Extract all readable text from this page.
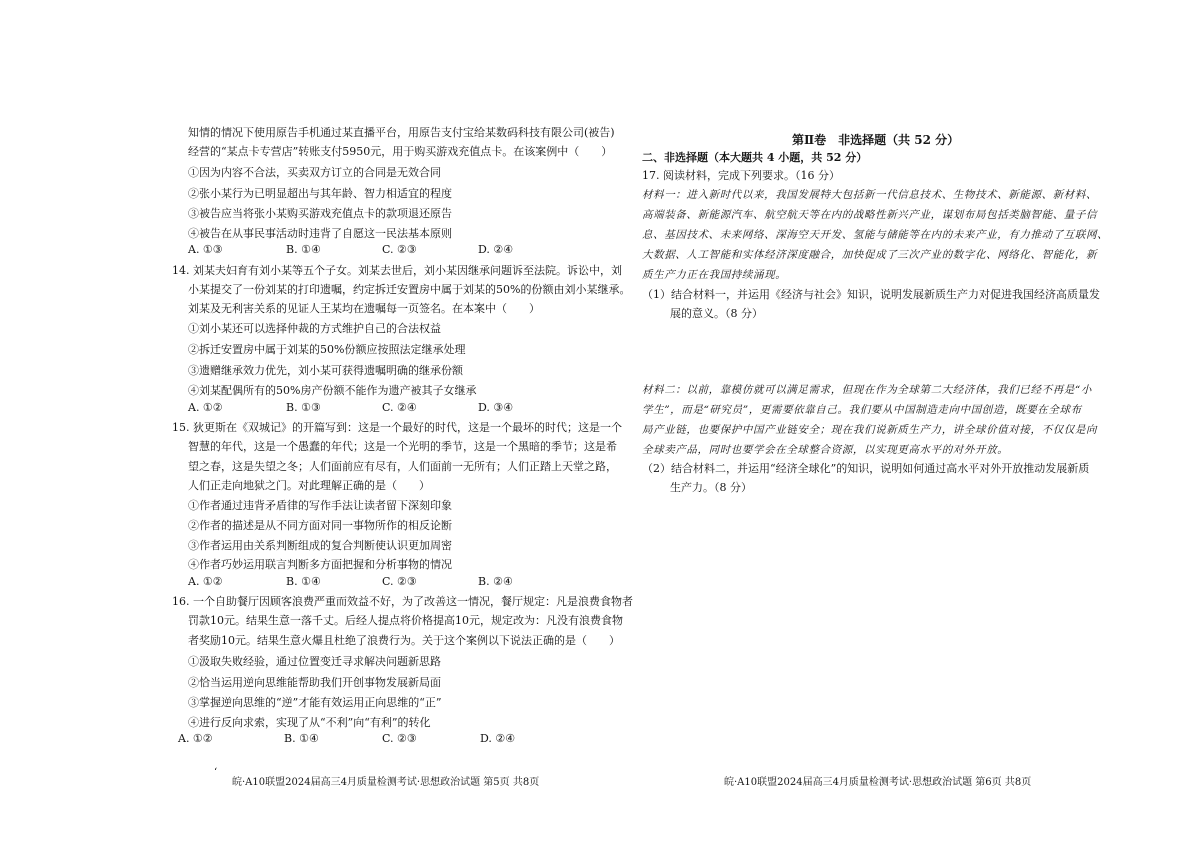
知情的情况下使用原告手机通过某直播平台，用原告支付宝给某数码科技有限公司(被告)
经营的“某点卡专营店”转账支付5950元，用于购买游戏充值点卡。在该案例中（　　）
①因为内容不合法，买卖双方订立的合同是无效合同
②张小某行为已明显超出与其年龄、智力相适宜的程度
③被告应当将张小某购买游戏充值点卡的款项退还原告
④被告在从事民事活动时违背了自愿这一民法基本原则
A. ①③	B. ①④	C. ②③	D. ②④
14. 刘某夫妇育有刘小某等五个子女。刘某去世后，刘小某因继承问题诉至法院。诉讼中，刘
小某提交了一份刘某的打印遗嘱，约定拆迁安置房中属于刘某的50%的份额由刘小某继承。
刘某及无利害关系的见证人王某均在遗嘱每一页签名。在本案中（　　）
①刘小某还可以选择仲裁的方式维护自己的合法权益
②拆迁安置房中属于刘某的50%份额应按照法定继承处理
③遗赠继承效力优先，刘小某可获得遗嘱明确的继承份额
④刘某配偶所有的50%房产份额不能作为遗产被其子女继承
A. ①②	B. ①③	C. ②④	D. ③④
15. 狄更斯在《双城记》的开篇写到：这是一个最好的时代，这是一个最坏的时代；这是一个
智慧的年代，这是一个愚蠢的年代；这是一个光明的季节，这是一个黑暗的季节；这是希
望之春，这是失望之冬；人们面前应有尽有，人们面前一无所有；人们正踏上天堂之路，
人们正走向地狱之门。对此理解正确的是（　　）
①作者通过违背矛盾律的写作手法让读者留下深刻印象
②作者的描述是从不同方面对同一事物所作的相反论断
③作者运用由关系判断组成的复合判断使认识更加周密
④作者巧妙运用联言判断多方面把握和分析事物的情况
A. ①②	B. ①④	C. ②③	B. ②④
16. 一个自助餐厅因顾客浪费严重而效益不好，为了改善这一情况，餐厅规定：凡是浪费食物者
罚款10元。结果生意一落千丈。后经人提点将价格提高10元，规定改为：凡没有浪费食物
者奖励10元。结果生意火爆且杜绝了浪费行为。关于这个案例以下说法正确的是（　　）
①汲取失败经验，通过位置变迁寻求解决问题新思路
②恰当运用逆向思维能帮助我们开创事物发展新局面
③掌握逆向思维的“逆”才能有效运用正向思维的“正”
④进行反向求索，实现了从“不利”向“有利”的转化
A. ①②	B. ①④	C. ②③	D. ②④
‘
皖·A10联盟2024届高三4月质量检测考试·思想政治试题 第5页 共8页
第Ⅱ卷　非选择题（共 52 分）
二、非选择题（本大题共 4 小题，共 52 分）
17. 阅读材料，完成下列要求。（16 分）
材料一：进入新时代以来，我国发展特大包括新一代信息技术、生物技术、新能源、新材料、
高端装备、新能源汽车、航空航天等在内的战略性新兴产业，谋划布局包括类脑智能、量子信
息、基因技术、未来网络、深海空天开发、氢能与储能等在内的未来产业，有力推动了互联网、
大数据、人工智能和实体经济深度融合，加快促成了三次产业的数字化、网络化、智能化，新
质生产力正在我国持续涌现。
（1）结合材料一，并运用《经济与社会》知识，说明发展新质生产力对促进我国经济高质量发
展的意义。（8 分）
材料二：以前，靠模仿就可以满足需求，但现在作为全球第二大经济体，我们已经不再是“小
学生”，而是“研究员”，更需要依靠自己。我们要从中国制造走向中国创造，既要在全球布
局产业链，也要保护中国产业链安全；现在我们说新质生产力，讲全球价值对接，不仅仅是向
全球卖产品，同时也要学会在全球整合资源，以实现更高水平的对外开放。
（2）结合材料二，并运用“经济全球化”的知识，说明如何通过高水平对外开放推动发展新质
生产力。（8 分）
皖·A10联盟2024届高三4月质量检测考试·思想政治试题 第6页 共8页
